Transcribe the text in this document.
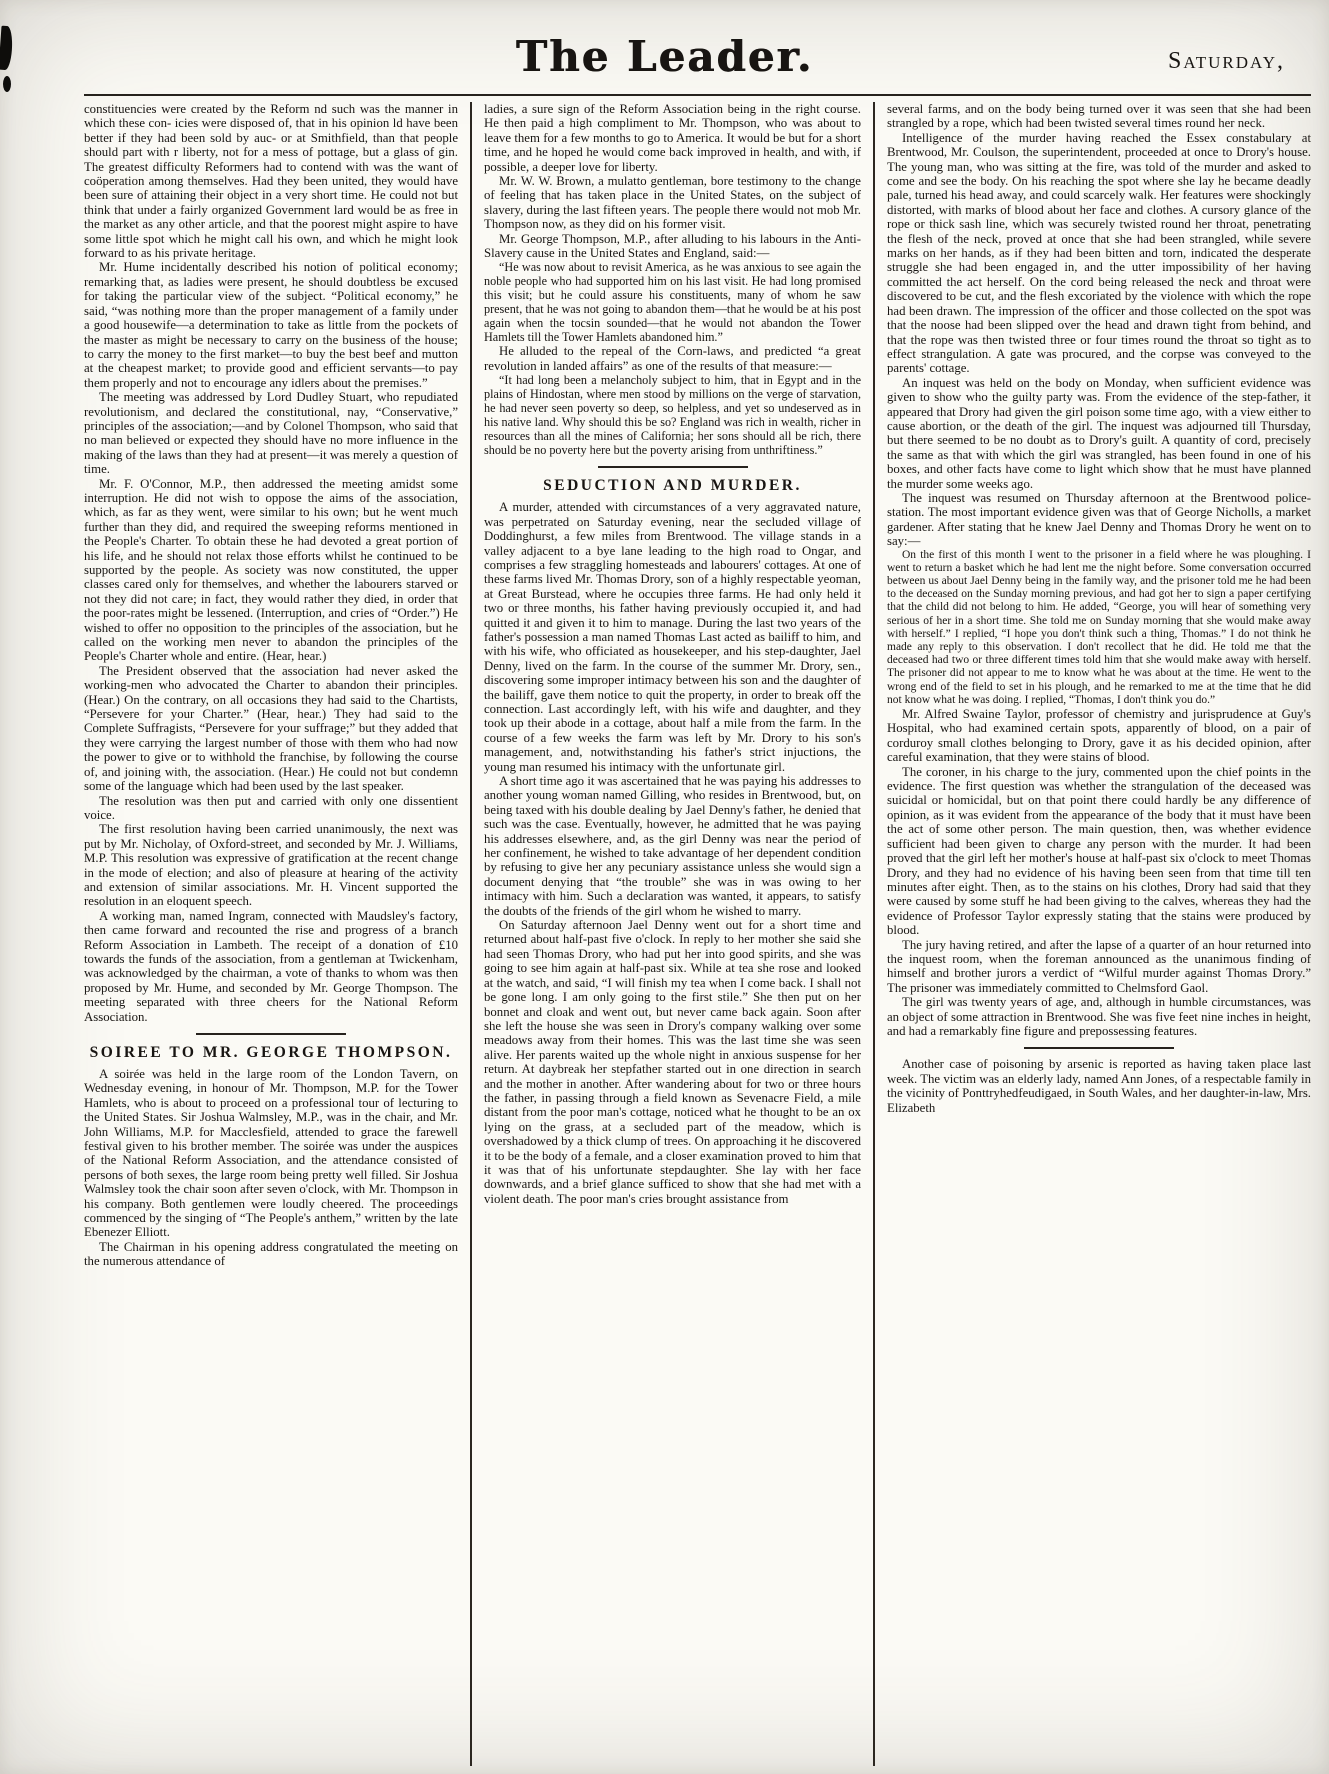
The Leader.	Saturday,

constituencies were created by the Reform nd such was the manner in which these con- icies were disposed of, that in his opinion ld have been better if they had been sold by auc- or at Smithfield, than that people should part with r liberty, not for a mess of pottage, but a glass of gin. The greatest difficulty Reformers had to contend with was the want of coöperation among themselves. Had they been united, they would have been sure of attaining their object in a very short time. He could not but think that under a fairly organized Government lard would be as free in the market as any other article, and that the poorest might aspire to have some little spot which he might call his own, and which he might look forward to as his private heritage.

Mr. Hume incidentally described his notion of political economy; remarking that, as ladies were present, he should doubtless be excused for taking the particular view of the subject. “Political economy,” he said, “was nothing more than the proper management of a family under a good housewife—a determination to take as little from the pockets of the master as might be necessary to carry on the business of the house; to carry the money to the first market—to buy the best beef and mutton at the cheapest market; to provide good and efficient servants—to pay them properly and not to encourage any idlers about the premises.”

The meeting was addressed by Lord Dudley Stuart, who repudiated revolutionism, and declared the constitutional, nay, “Conservative,” principles of the association;—and by Colonel Thompson, who said that no man believed or expected they should have no more influence in the making of the laws than they had at present—it was merely a question of time.

Mr. F. O'Connor, M.P., then addressed the meeting amidst some interruption. He did not wish to oppose the aims of the association, which, as far as they went, were similar to his own; but he went much further than they did, and required the sweeping reforms mentioned in the People's Charter. To obtain these he had devoted a great portion of his life, and he should not relax those efforts whilst he continued to be supported by the people. As society was now constituted, the upper classes cared only for themselves, and whether the labourers starved or not they did not care; in fact, they would rather they died, in order that the poor-rates might be lessened. (Interruption, and cries of “Order.”) He wished to offer no opposition to the principles of the association, but he called on the working men never to abandon the principles of the People's Charter whole and entire. (Hear, hear.)

The President observed that the association had never asked the working-men who advocated the Charter to abandon their principles. (Hear.) On the contrary, on all occasions they had said to the Chartists, “Persevere for your Charter.” (Hear, hear.) They had said to the Complete Suffragists, “Persevere for your suffrage;” but they added that they were carrying the largest number of those with them who had now the power to give or to withhold the franchise, by following the course of, and joining with, the association. (Hear.) He could not but condemn some of the language which had been used by the last speaker.

The resolution was then put and carried with only one dissentient voice.

The first resolution having been carried unanimously, the next was put by Mr. Nicholay, of Oxford-street, and seconded by Mr. J. Williams, M.P. This resolution was expressive of gratification at the recent change in the mode of election; and also of pleasure at hearing of the activity and extension of similar associations. Mr. H. Vincent supported the resolution in an eloquent speech.

A working man, named Ingram, connected with Maudsley's factory, then came forward and recounted the rise and progress of a branch Reform Association in Lambeth. The receipt of a donation of £10 towards the funds of the association, from a gentleman at Twickenham, was acknowledged by the chairman, a vote of thanks to whom was then proposed by Mr. Hume, and seconded by Mr. George Thompson. The meeting separated with three cheers for the National Reform Association.

SOIREE TO MR. GEORGE THOMPSON.

A soirée was held in the large room of the London Tavern, on Wednesday evening, in honour of Mr. Thompson, M.P. for the Tower Hamlets, who is about to proceed on a professional tour of lecturing to the United States. Sir Joshua Walmsley, M.P., was in the chair, and Mr. John Williams, M.P. for Macclesfield, attended to grace the farewell festival given to his brother member. The soirée was under the auspices of the National Reform Association, and the attendance consisted of persons of both sexes, the large room being pretty well filled. Sir Joshua Walmsley took the chair soon after seven o'clock, with Mr. Thompson in his company. Both gentlemen were loudly cheered. The proceedings commenced by the singing of “The People's anthem,” written by the late Ebenezer Elliott.

The Chairman in his opening address congratulated the meeting on the numerous attendance of

ladies, a sure sign of the Reform Association being in the right course. He then paid a high compliment to Mr. Thompson, who was about to leave them for a few months to go to America. It would be but for a short time, and he hoped he would come back improved in health, and with, if possible, a deeper love for liberty.

Mr. W. W. Brown, a mulatto gentleman, bore testimony to the change of feeling that has taken place in the United States, on the subject of slavery, during the last fifteen years. The people there would not mob Mr. Thompson now, as they did on his former visit.

Mr. George Thompson, M.P., after alluding to his labours in the Anti-Slavery cause in the United States and England, said:—

“He was now about to revisit America, as he was anxious to see again the noble people who had supported him on his last visit. He had long promised this visit; but he could assure his constituents, many of whom he saw present, that he was not going to abandon them—that he would be at his post again when the tocsin sounded—that he would not abandon the Tower Hamlets till the Tower Hamlets abandoned him.”

He alluded to the repeal of the Corn-laws, and predicted “a great revolution in landed affairs” as one of the results of that measure:—

“It had long been a melancholy subject to him, that in Egypt and in the plains of Hindostan, where men stood by millions on the verge of starvation, he had never seen poverty so deep, so helpless, and yet so undeserved as in his native land. Why should this be so? England was rich in wealth, richer in resources than all the mines of California; her sons should all be rich, there should be no poverty here but the poverty arising from unthriftiness.”

SEDUCTION AND MURDER.

A murder, attended with circumstances of a very aggravated nature, was perpetrated on Saturday evening, near the secluded village of Doddinghurst, a few miles from Brentwood. The village stands in a valley adjacent to a bye lane leading to the high road to Ongar, and comprises a few straggling homesteads and labourers' cottages. At one of these farms lived Mr. Thomas Drory, son of a highly respectable yeoman, at Great Burstead, where he occupies three farms. He had only held it two or three months, his father having previously occupied it, and had quitted it and given it to him to manage. During the last two years of the father's possession a man named Thomas Last acted as bailiff to him, and with his wife, who officiated as housekeeper, and his step-daughter, Jael Denny, lived on the farm. In the course of the summer Mr. Drory, sen., discovering some improper intimacy between his son and the daughter of the bailiff, gave them notice to quit the property, in order to break off the connection. Last accordingly left, with his wife and daughter, and they took up their abode in a cottage, about half a mile from the farm. In the course of a few weeks the farm was left by Mr. Drory to his son's management, and, notwithstanding his father's strict injuctions, the young man resumed his intimacy with the unfortunate girl.

A short time ago it was ascertained that he was paying his addresses to another young woman named Gilling, who resides in Brentwood, but, on being taxed with his double dealing by Jael Denny's father, he denied that such was the case. Eventually, however, he admitted that he was paying his addresses elsewhere, and, as the girl Denny was near the period of her confinement, he wished to take advantage of her dependent condition by refusing to give her any pecuniary assistance unless she would sign a document denying that “the trouble” she was in was owing to her intimacy with him. Such a declaration was wanted, it appears, to satisfy the doubts of the friends of the girl whom he wished to marry.

On Saturday afternoon Jael Denny went out for a short time and returned about half-past five o'clock. In reply to her mother she said she had seen Thomas Drory, who had put her into good spirits, and she was going to see him again at half-past six. While at tea she rose and looked at the watch, and said, “I will finish my tea when I come back. I shall not be gone long. I am only going to the first stile.” She then put on her bonnet and cloak and went out, but never came back again. Soon after she left the house she was seen in Drory's company walking over some meadows away from their homes. This was the last time she was seen alive. Her parents waited up the whole night in anxious suspense for her return. At daybreak her stepfather started out in one direction in search and the mother in another. After wandering about for two or three hours the father, in passing through a field known as Sevenacre Field, a mile distant from the poor man's cottage, noticed what he thought to be an ox lying on the grass, at a secluded part of the meadow, which is overshadowed by a thick clump of trees. On approaching it he discovered it to be the body of a female, and a closer examination proved to him that it was that of his unfortunate stepdaughter. She lay with her face downwards, and a brief glance sufficed to show that she had met with a violent death. The poor man's cries brought assistance from

several farms, and on the body being turned over it was seen that she had been strangled by a rope, which had been twisted several times round her neck.

Intelligence of the murder having reached the Essex constabulary at Brentwood, Mr. Coulson, the superintendent, proceeded at once to Drory's house. The young man, who was sitting at the fire, was told of the murder and asked to come and see the body. On his reaching the spot where she lay he became deadly pale, turned his head away, and could scarcely walk. Her features were shockingly distorted, with marks of blood about her face and clothes. A cursory glance of the rope or thick sash line, which was securely twisted round her throat, penetrating the flesh of the neck, proved at once that she had been strangled, while severe marks on her hands, as if they had been bitten and torn, indicated the desperate struggle she had been engaged in, and the utter impossibility of her having committed the act herself. On the cord being released the neck and throat were discovered to be cut, and the flesh excoriated by the violence with which the rope had been drawn. The impression of the officer and those collected on the spot was that the noose had been slipped over the head and drawn tight from behind, and that the rope was then twisted three or four times round the throat so tight as to effect strangulation. A gate was procured, and the corpse was conveyed to the parents' cottage.

An inquest was held on the body on Monday, when sufficient evidence was given to show who the guilty party was. From the evidence of the step-father, it appeared that Drory had given the girl poison some time ago, with a view either to cause abortion, or the death of the girl. The inquest was adjourned till Thursday, but there seemed to be no doubt as to Drory's guilt. A quantity of cord, precisely the same as that with which the girl was strangled, has been found in one of his boxes, and other facts have come to light which show that he must have planned the murder some weeks ago.

The inquest was resumed on Thursday afternoon at the Brentwood police-station. The most important evidence given was that of George Nicholls, a market gardener. After stating that he knew Jael Denny and Thomas Drory he went on to say:—

On the first of this month I went to the prisoner in a field where he was ploughing. I went to return a basket which he had lent me the night before. Some conversation occurred between us about Jael Denny being in the family way, and the prisoner told me he had been to the deceased on the Sunday morning previous, and had got her to sign a paper certifying that the child did not belong to him. He added, “George, you will hear of something very serious of her in a short time. She told me on Sunday morning that she would make away with herself.” I replied, “I hope you don't think such a thing, Thomas.” I do not think he made any reply to this observation. I don't recollect that he did. He told me that the deceased had two or three different times told him that she would make away with herself. The prisoner did not appear to me to know what he was about at the time. He went to the wrong end of the field to set in his plough, and he remarked to me at the time that he did not know what he was doing. I replied, “Thomas, I don't think you do.”

Mr. Alfred Swaine Taylor, professor of chemistry and jurisprudence at Guy's Hospital, who had examined certain spots, apparently of blood, on a pair of corduroy small clothes belonging to Drory, gave it as his decided opinion, after careful examination, that they were stains of blood.

The coroner, in his charge to the jury, commented upon the chief points in the evidence. The first question was whether the strangulation of the deceased was suicidal or homicidal, but on that point there could hardly be any difference of opinion, as it was evident from the appearance of the body that it must have been the act of some other person. The main question, then, was whether evidence sufficient had been given to charge any person with the murder. It had been proved that the girl left her mother's house at half-past six o'clock to meet Thomas Drory, and they had no evidence of his having been seen from that time till ten minutes after eight. Then, as to the stains on his clothes, Drory had said that they were caused by some stuff he had been giving to the calves, whereas they had the evidence of Professor Taylor expressly stating that the stains were produced by blood.

The jury having retired, and after the lapse of a quarter of an hour returned into the inquest room, when the foreman announced as the unanimous finding of himself and brother jurors a verdict of “Wilful murder against Thomas Drory.” The prisoner was immediately committed to Chelmsford Gaol.

The girl was twenty years of age, and, although in humble circumstances, was an object of some attraction in Brentwood. She was five feet nine inches in height, and had a remarkably fine figure and prepossessing features.

Another case of poisoning by arsenic is reported as having taken place last week. The victim was an elderly lady, named Ann Jones, of a respectable family in the vicinity of Ponttryhedfeudigaed, in South Wales, and her daughter-in-law, Mrs. Elizabeth
